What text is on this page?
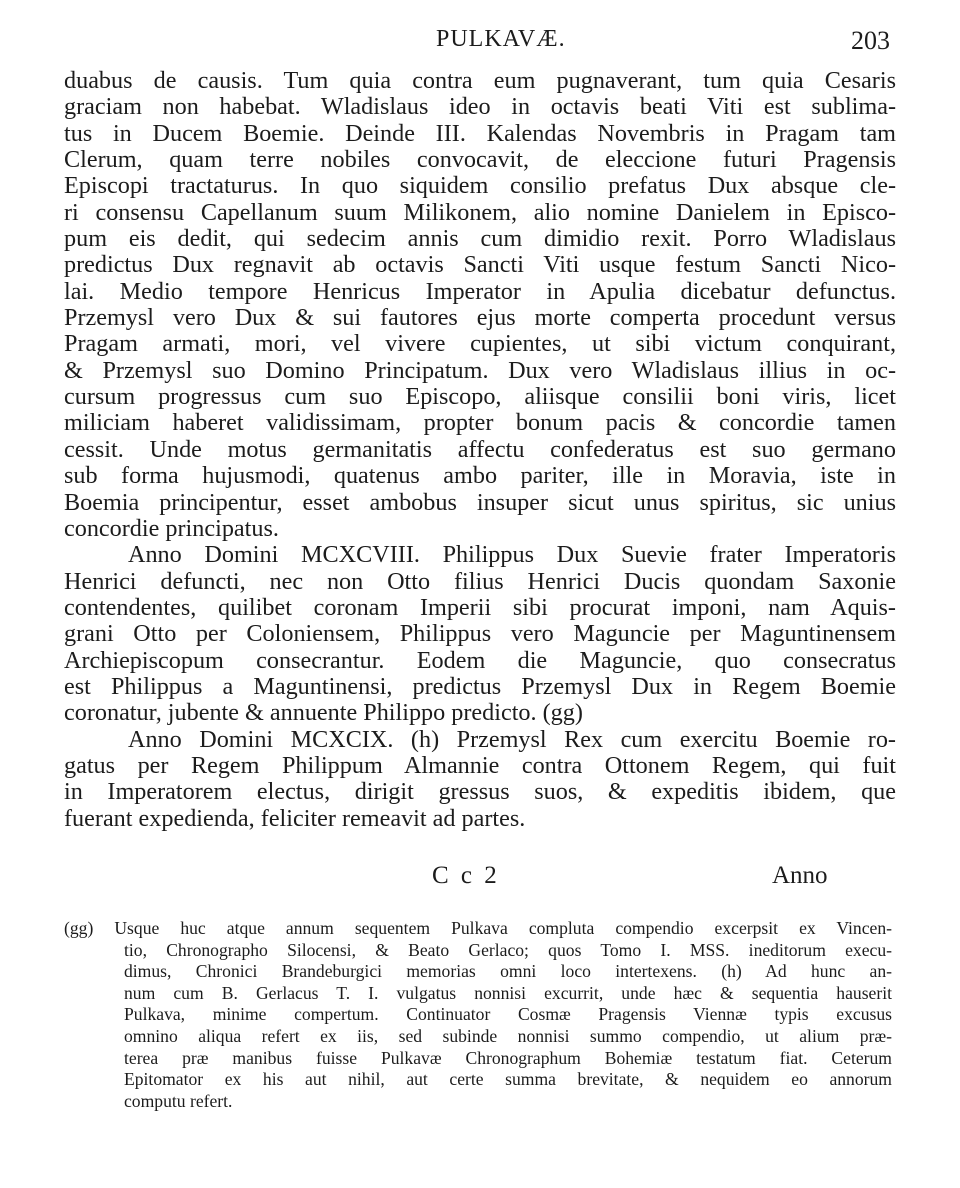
PULKAVÆ.	203
duabus de causis. Tum quia contra eum pugnaverant, tum quia Cesaris
graciam non habebat. Wladislaus ideo in octavis beati Viti est sublima-
tus in Ducem Boemie. Deinde III. Kalendas Novembris in Pragam tam
Clerum, quam terre nobiles convocavit, de eleccione futuri Pragensis
Episcopi tractaturus. In quo siquidem consilio prefatus Dux absque cle-
ri consensu Capellanum suum Milikonem, alio nomine Danielem in Episco-
pum eis dedit, qui sedecim annis cum dimidio rexit. Porro Wladislaus
predictus Dux regnavit ab octavis Sancti Viti usque festum Sancti Nico-
lai. Medio tempore Henricus Imperator in Apulia dicebatur defunctus.
Przemysl vero Dux & sui fautores ejus morte comperta procedunt versus
Pragam armati, mori, vel vivere cupientes, ut sibi victum conquirant,
& Przemysl suo Domino Principatum. Dux vero Wladislaus illius in oc-
cursum progressus cum suo Episcopo, aliisque consilii boni viris, licet
miliciam haberet validissimam, propter bonum pacis & concordie tamen
cessit. Unde motus germanitatis affectu confederatus est suo germano
sub forma hujusmodi, quatenus ambo pariter, ille in Moravia, iste in
Boemia principentur, esset ambobus insuper sicut unus spiritus, sic unius
concordie principatus.
Anno Domini MCXCVIII. Philippus Dux Suevie frater Imperatoris
Henrici defuncti, nec non Otto filius Henrici Ducis quondam Saxonie
contendentes, quilibet coronam Imperii sibi procurat imponi, nam Aquis-
grani Otto per Coloniensem, Philippus vero Maguncie per Maguntinensem
Archiepiscopum consecrantur. Eodem die Maguncie, quo consecratus
est Philippus a Maguntinensi, predictus Przemysl Dux in Regem Boemie
coronatur, jubente & annuente Philippo predicto. (gg)
Anno Domini MCXCIX. (h) Przemysl Rex cum exercitu Boemie ro-
gatus per Regem Philippum Almannie contra Ottonem Regem, qui fuit
in Imperatorem electus, dirigit gressus suos, & expeditis ibidem, que
fuerant expedienda, feliciter remeavit ad partes.
C c 2	Anno
(gg) Usque huc atque annum sequentem Pulkava compluta compendio excerpsit ex Vincen-
tio, Chronographo Silocensi, & Beato Gerlaco; quos Tomo I. MSS. ineditorum execu-
dimus, Chronici Brandeburgici memorias omni loco intertexens. (h) Ad hunc an-
num cum B. Gerlacus T. I. vulgatus nonnisi excurrit, unde hæc & sequentia hauserit
Pulkava, minime compertum. Continuator Cosmæ Pragensis Viennæ typis excusus
omnino aliqua refert ex iis, sed subinde nonnisi summo compendio, ut alium præ-
terea præ manibus fuisse Pulkavæ Chronographum Bohemiæ testatum fiat. Ceterum
Epitomator ex his aut nihil, aut certe summa brevitate, & nequidem eo annorum
computu refert.
